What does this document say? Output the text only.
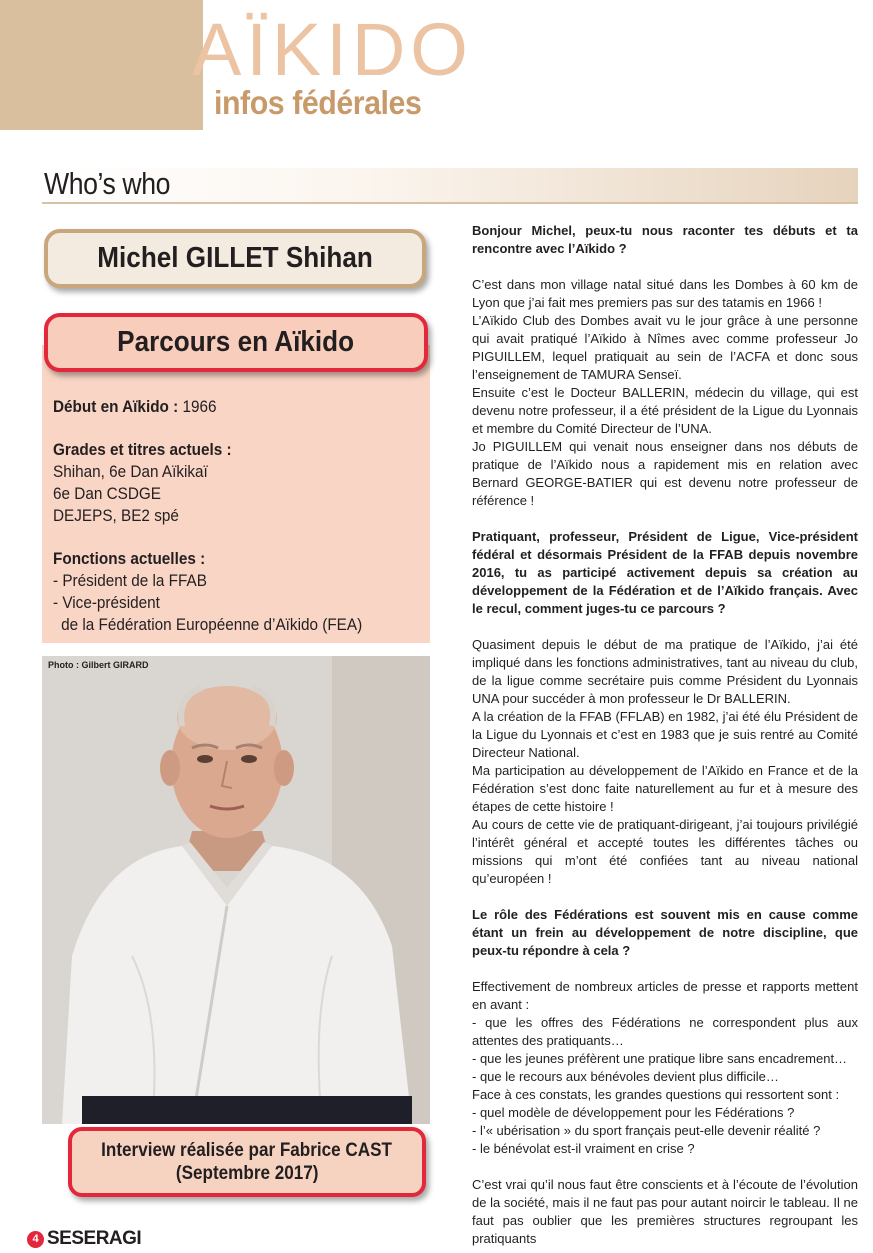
AÏKIDO
infos fédérales
Who’s who
Michel GILLET Shihan
Parcours en Aïkido
Début en Aïkido : 1966
Grades et titres actuels :
Shihan, 6e Dan Aïkikaï
6e Dan CSDGE
DEJEPS, BE2 spé
Fonctions actuelles :
- Président de la FFAB
- Vice-président
de la Fédération Européenne d’Aïkido (FEA)
Photo : Gilbert GIRARD
Interview réalisée par Fabrice CAST
(Septembre 2017)

Bonjour Michel, peux-tu nous raconter tes débuts et ta rencontre avec l’Aïkido ?

C’est dans mon village natal situé dans les Dombes à 60 km de Lyon que j’ai fait mes premiers pas sur des tatamis en 1966 !

L’Aïkido Club des Dombes avait vu le jour grâce à une personne qui avait pratiqué l’Aïkido à Nîmes avec comme professeur Jo PIGUILLEM, lequel pratiquait au sein de l’ACFA et donc sous l’enseignement de TAMURA Senseï.

Ensuite c’est le Docteur BALLERIN, médecin du village, qui est devenu notre professeur, il a été président de la Ligue du Lyonnais et membre du Comité Directeur de l’UNA.

Jo PIGUILLEM qui venait nous enseigner dans nos débuts de pratique de l’Aïkido nous a rapidement mis en relation avec Bernard GEORGE-BATIER qui est devenu notre professeur de référence !

Pratiquant, professeur, Président de Ligue, Vice-président fédéral et désormais Président de la FFAB depuis novembre 2016, tu as participé activement depuis sa création au développement de la Fédération et de l’Aïkido français. Avec le recul, comment juges-tu ce parcours ?

Quasiment depuis le début de ma pratique de l’Aïkido, j’ai été impliqué dans les fonctions administratives, tant au niveau du club, de la ligue comme secrétaire puis comme Président du Lyonnais UNA pour succéder à mon professeur le Dr BALLERIN.

A la création de la FFAB (FFLAB) en 1982, j’ai été élu Président de la Ligue du Lyonnais et c’est en 1983 que je suis rentré au Comité Directeur National.

Ma participation au développement de l’Aïkido en France et de la Fédération s’est donc faite naturellement au fur et à mesure des étapes de cette histoire !

Au cours de cette vie de pratiquant-dirigeant, j’ai toujours privilégié l’intérêt général et accepté toutes les différentes tâches ou missions qui m’ont été confiées tant au niveau national qu’européen !

Le rôle des Fédérations est souvent mis en cause comme étant un frein au développement de notre discipline, que peux-tu répondre à cela ?

Effectivement de nombreux articles de presse et rapports mettent en avant :

- que les offres des Fédérations ne correspondent plus aux attentes des pratiquants…

- que les jeunes préfèrent une pratique libre sans encadrement…

- que le recours aux bénévoles devient plus difficile…

Face à ces constats, les grandes questions qui ressortent sont :

- quel modèle de développement pour les Fédérations ?

- l’« ubérisation » du sport français peut-elle devenir réalité ?

- le bénévolat est-il vraiment en crise ?

C’est vrai qu’il nous faut être conscients et à l’écoute de l’évolution de la société, mais il ne faut pas pour autant noircir le tableau. Il ne faut pas oublier que les premières structures regroupant les pratiquants

4 SESERAGI
